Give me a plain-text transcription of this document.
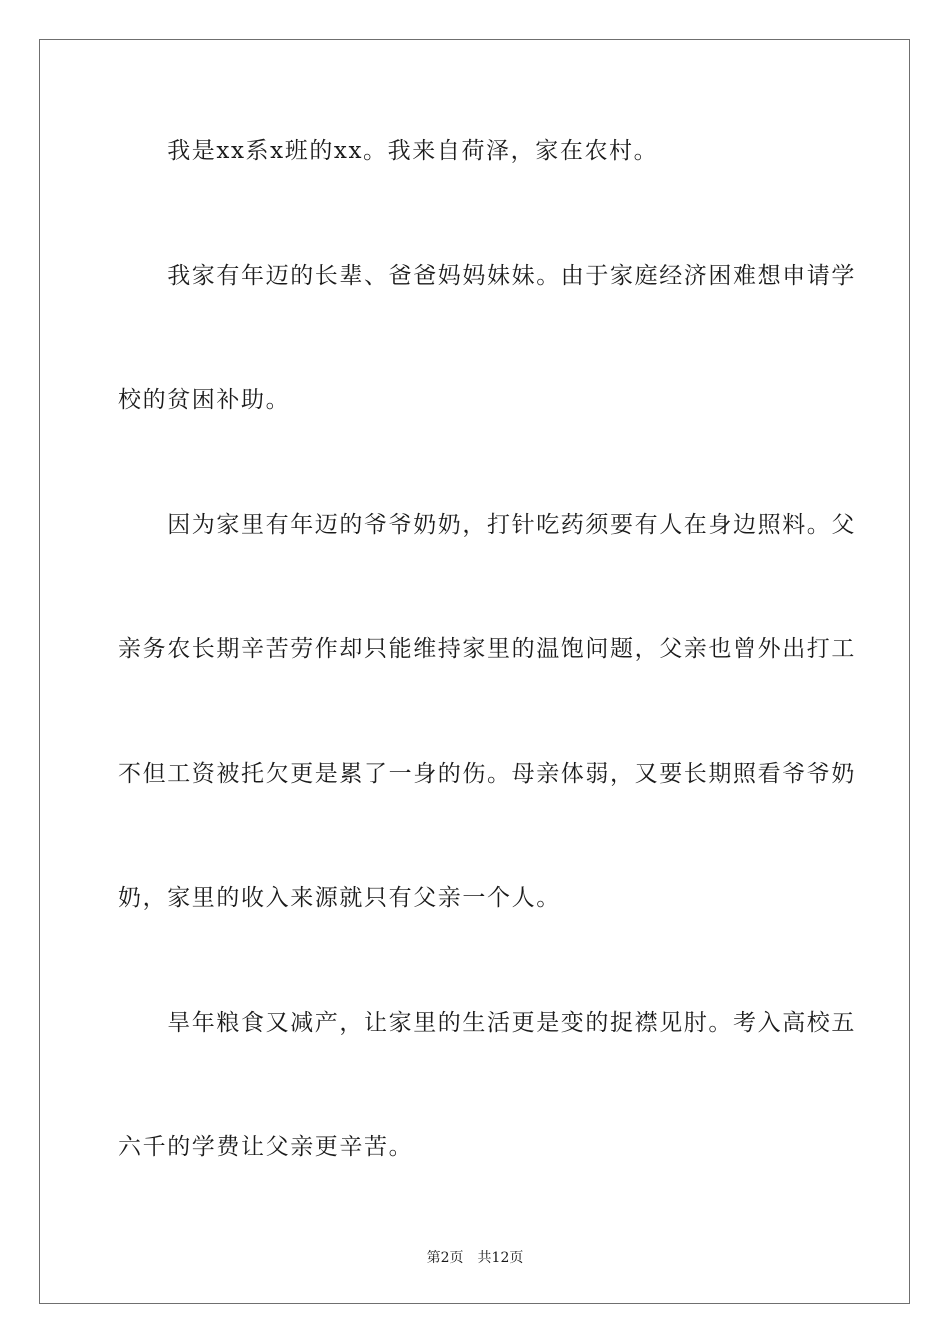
　　我是xx系x班的xx。我来自荷泽，家在农村。
　　我家有年迈的长辈、爸爸妈妈妹妹。由于家庭经济困难想申请学
校的贫困补助。
　　因为家里有年迈的爷爷奶奶，打针吃药须要有人在身边照料。父
亲务农长期辛苦劳作却只能维持家里的温饱问题，父亲也曾外出打工
不但工资被托欠更是累了一身的伤。母亲体弱，又要长期照看爷爷奶
奶，家里的收入来源就只有父亲一个人。
　　旱年粮食又减产，让家里的生活更是变的捉襟见肘。考入高校五
六千的学费让父亲更辛苦。
第2页　共12页
